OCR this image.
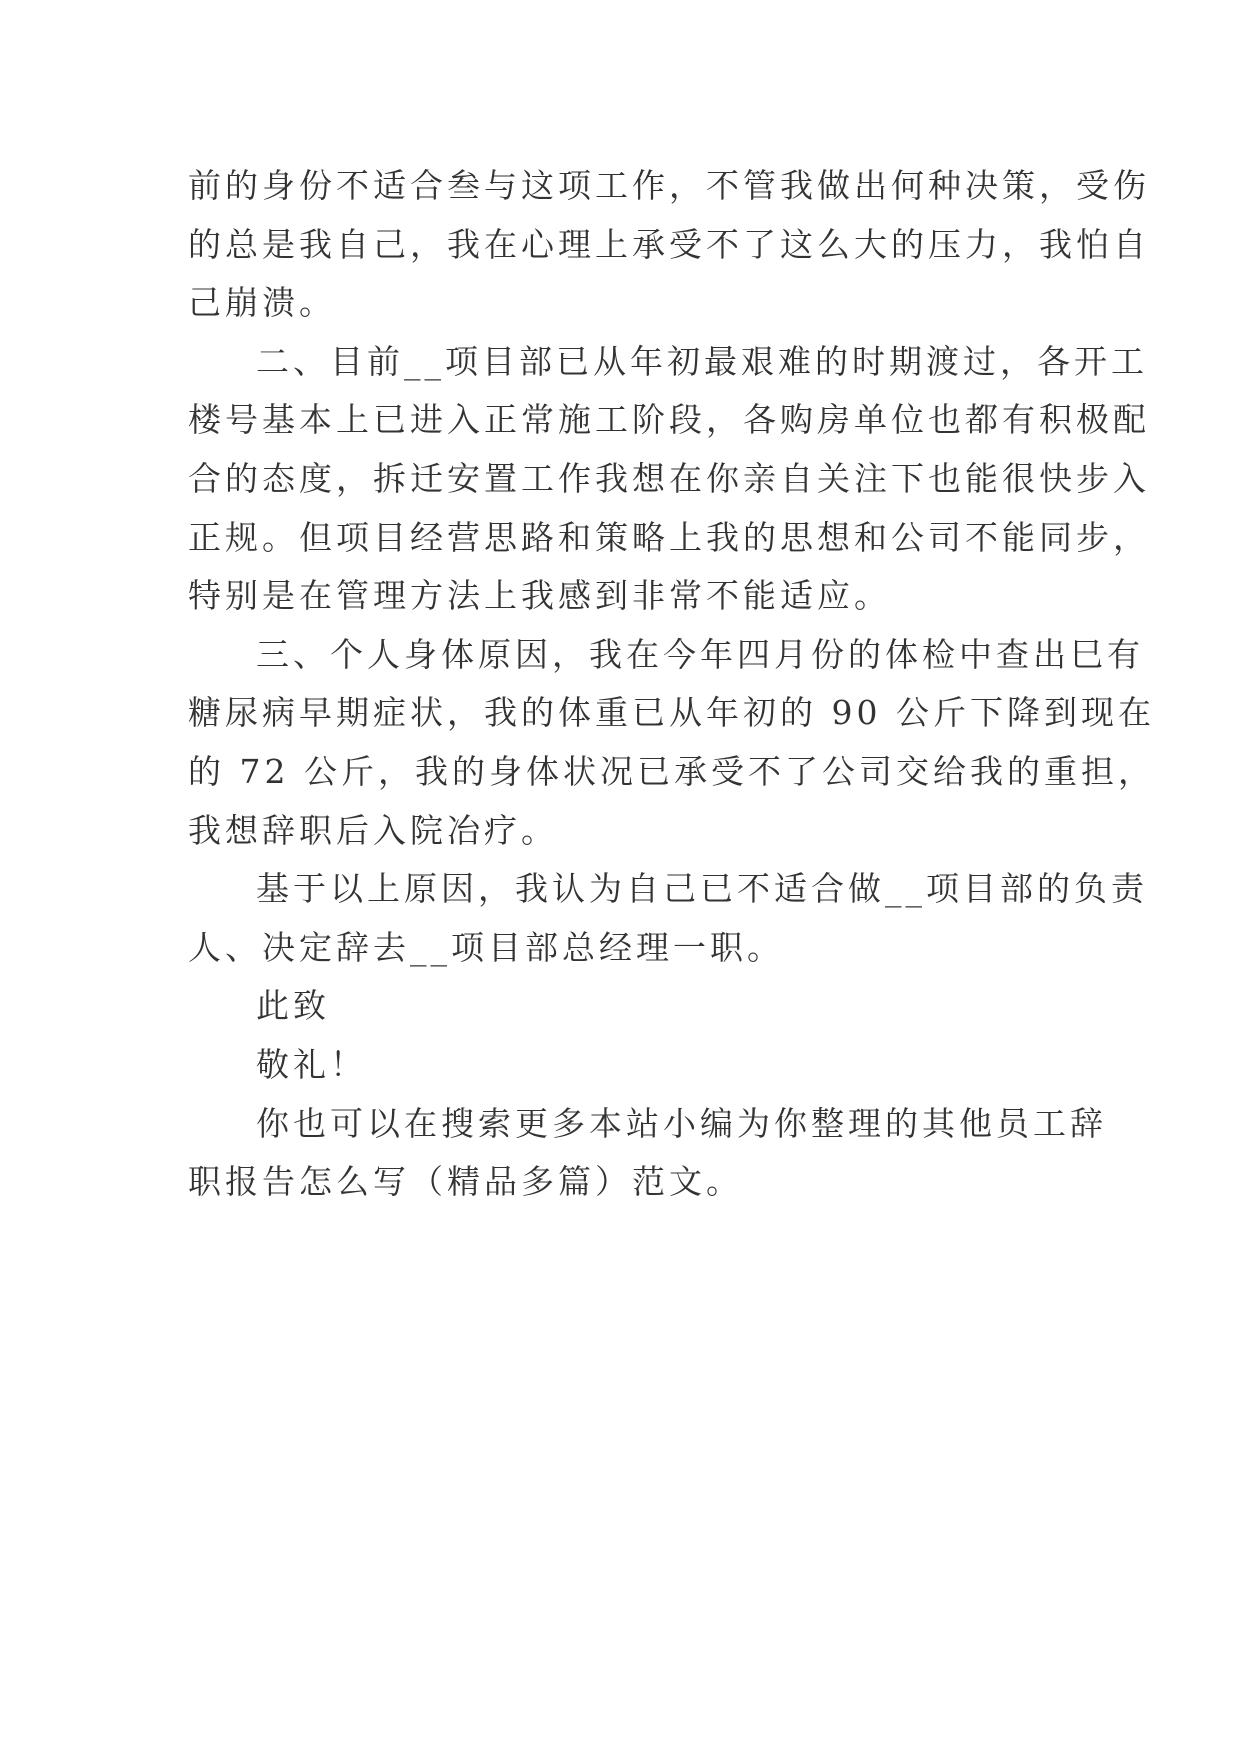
前的身份不适合叁与这项工作，不管我做出何种决策，受伤
的总是我自己，我在心理上承受不了这么大的压力，我怕自
己崩溃。
二、目前__项目部已从年初最艰难的时期渡过，各开工
楼号基本上已进入正常施工阶段，各购房单位也都有积极配
合的态度，拆迁安置工作我想在你亲自关注下也能很快步入
正规。但项目经营思路和策略上我的思想和公司不能同步，
特别是在管理方法上我感到非常不能适应。
三、个人身体原因，我在今年四月份的体检中查出巳有
糖尿病早期症状，我的体重已从年初的 90 公斤下降到现在
的 72 公斤，我的身体状况已承受不了公司交给我的重担，
我想辞职后入院冶疗。
基于以上原因，我认为自己已不适合做__项目部的负责
人、决定辞去__项目部总经理一职。
此致
敬礼！
你也可以在搜索更多本站小编为你整理的其他员工辞
职报告怎么写（精品多篇）范文。
